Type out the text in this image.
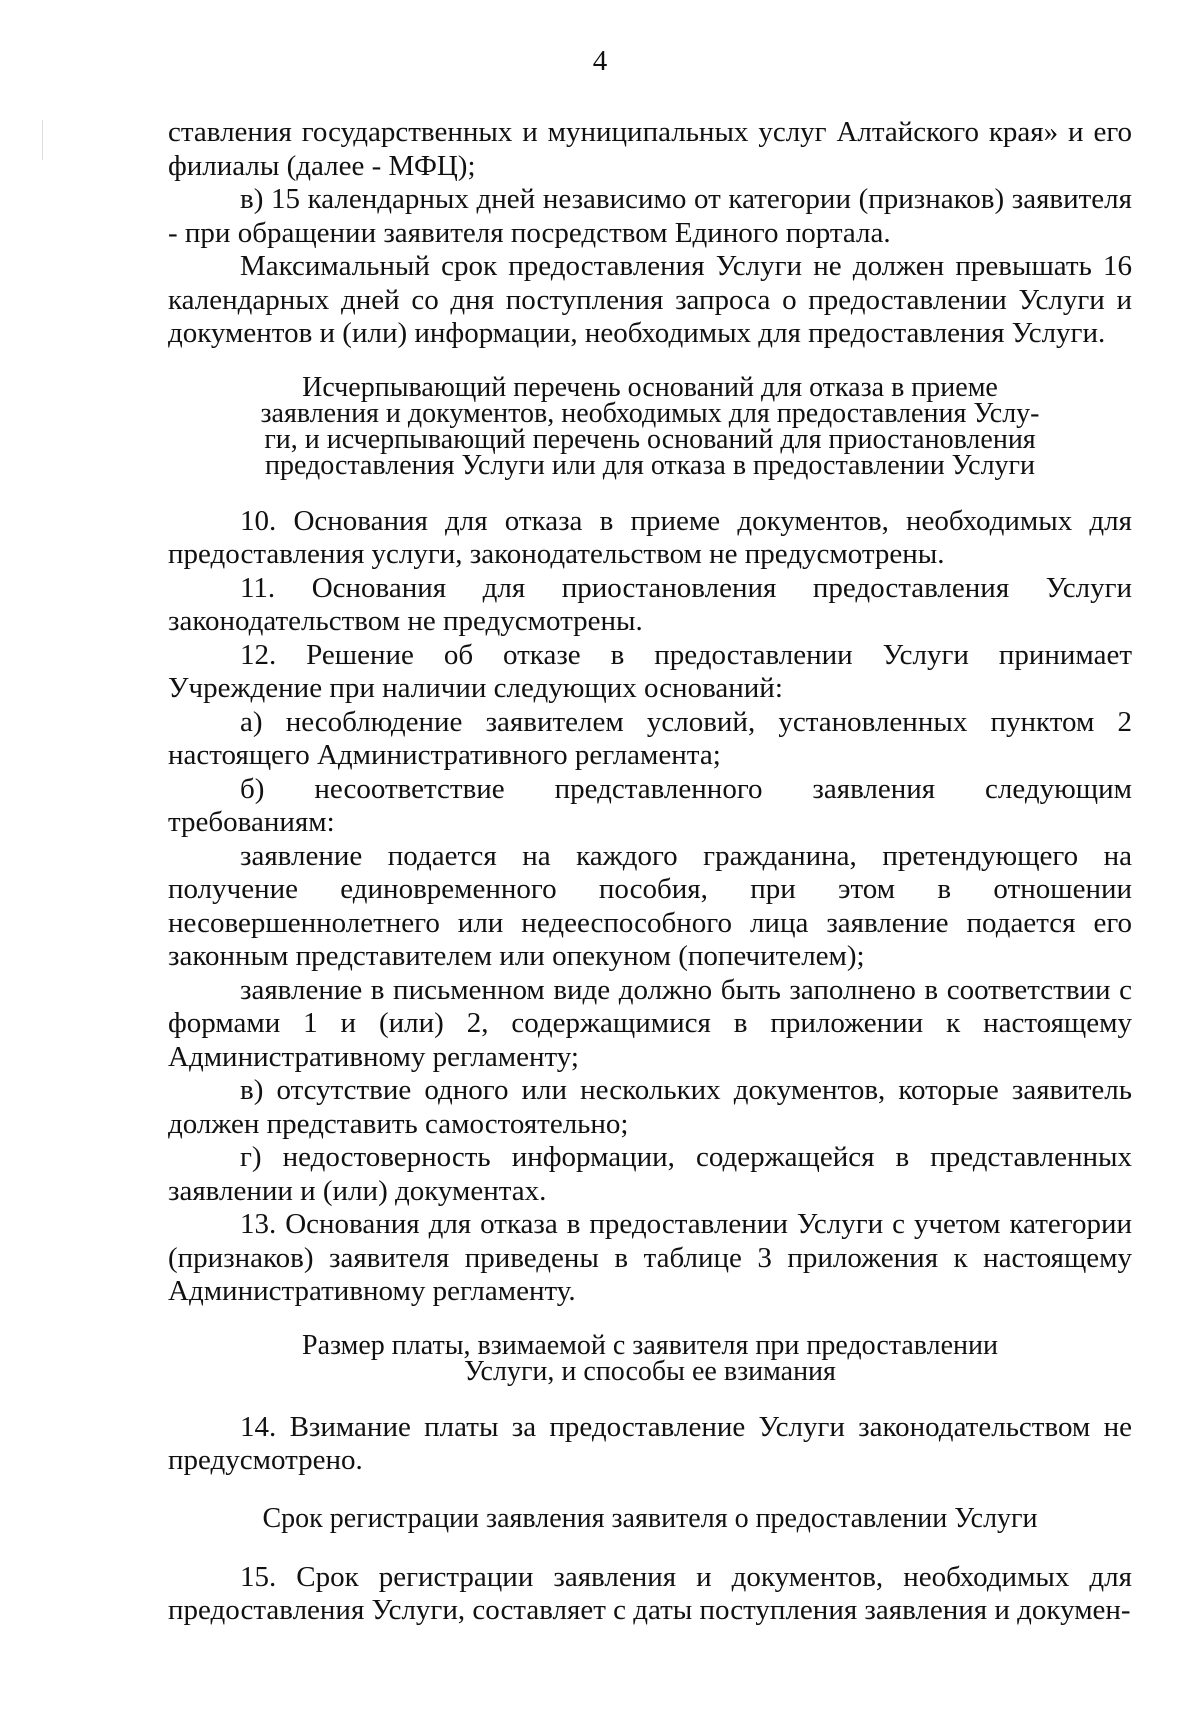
4

ставления государственных и муниципальных услуг Алтайского края» и его филиалы (далее - МФЦ);

в) 15 календарных дней независимо от категории (признаков) заявителя - при обращении заявителя посредством Единого портала.

Максимальный срок предоставления Услуги не должен превышать 16 календарных дней со дня поступления запроса о предоставлении Услуги и документов и (или) информации, необходимых для предоставления Услуги.

Исчерпывающий перечень оснований для отказа в приеме

заявления и документов, необходимых для предоставления Услу-

ги, и исчерпывающий перечень оснований для приостановления

предоставления Услуги или для отказа в предоставлении Услуги

10. Основания для отказа в приеме документов, необходимых для предоставления услуги, законодательством не предусмотрены.

11. Основания для приостановления предоставления Услуги законодательством не предусмотрены.

12. Решение об отказе в предоставлении Услуги принимает Учреждение при наличии следующих оснований:

а) несоблюдение заявителем условий, установленных пунктом 2 настоящего Административного регламента;

б) несоответствие представленного заявления следующим требованиям:

заявление подается на каждого гражданина, претендующего на получение единовременного пособия, при этом в отношении несовершеннолетнего или недееспособного лица заявление подается его законным представителем или опекуном (попечителем);

заявление в письменном виде должно быть заполнено в соответствии с формами 1 и (или) 2, содержащимися в приложении к настоящему Административному регламенту;

в) отсутствие одного или нескольких документов, которые заявитель должен представить самостоятельно;

г) недостоверность информации, содержащейся в представленных заявлении и (или) документах.

13. Основания для отказа в предоставлении Услуги с учетом категории (признаков) заявителя приведены в таблице 3 приложения к настоящему Административному регламенту.

Размер платы, взимаемой с заявителя при предоставлении

Услуги, и способы ее взимания

14. Взимание платы за предоставление Услуги законодательством не предусмотрено.

Срок регистрации заявления заявителя о предоставлении Услуги

15. Срок регистрации заявления и документов, необходимых для предоставления Услуги, составляет с даты поступления заявления и докумен-
